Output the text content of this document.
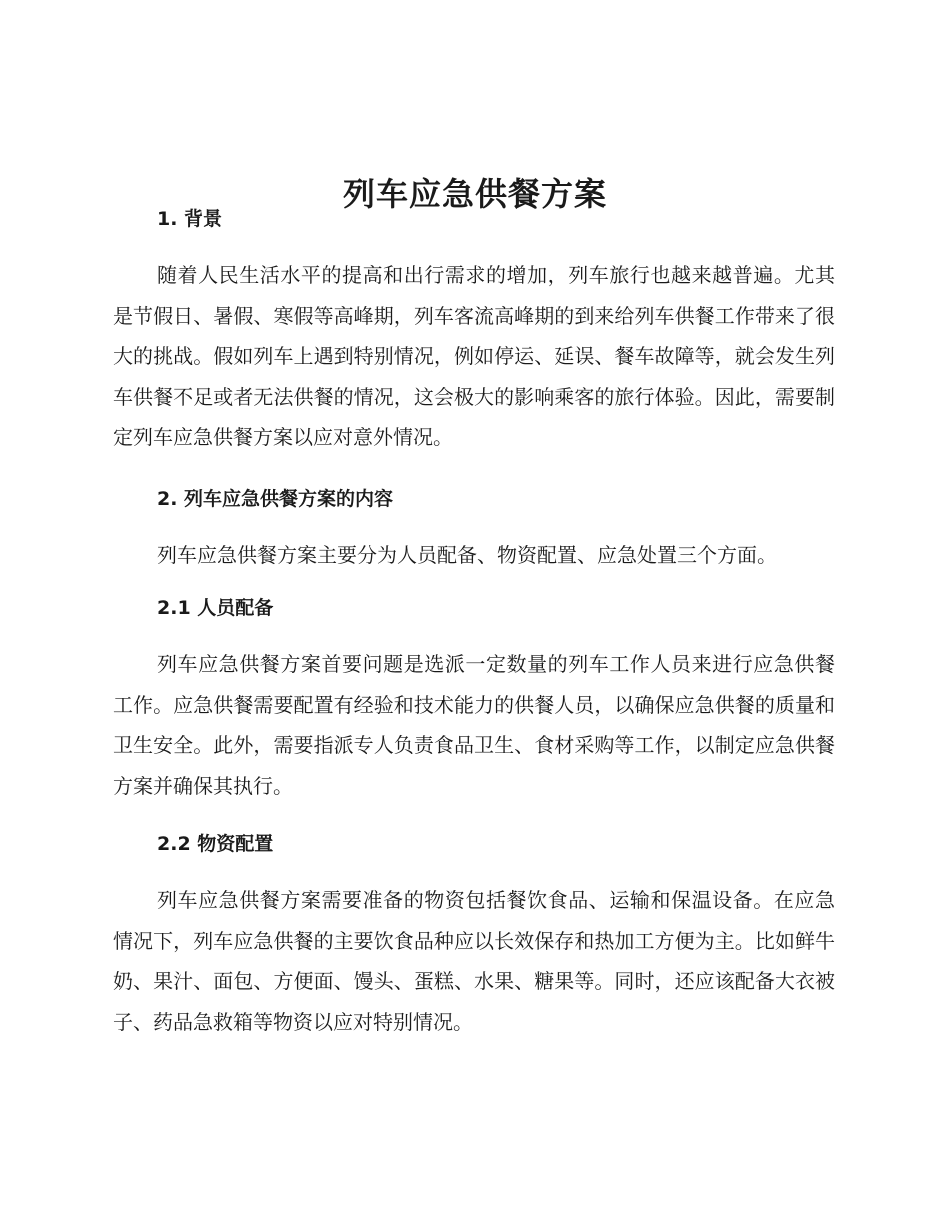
列车应急供餐方案
1. 背景

随着人民生活水平的提高和出行需求的增加，列车旅行也越来越普遍。尤其是节假日、暑假、寒假等高峰期，列车客流高峰期的到来给列车供餐工作带来了很大的挑战。假如列车上遇到特别情况，例如停运、延误、餐车故障等，就会发生列车供餐不足或者无法供餐的情况，这会极大的影响乘客的旅行体验。因此，需要制定列车应急供餐方案以应对意外情况。

2. 列车应急供餐方案的内容

列车应急供餐方案主要分为人员配备、物资配置、应急处置三个方面。

2.1 人员配备

列车应急供餐方案首要问题是选派一定数量的列车工作人员来进行应急供餐工作。应急供餐需要配置有经验和技术能力的供餐人员，以确保应急供餐的质量和卫生安全。此外，需要指派专人负责食品卫生、食材采购等工作，以制定应急供餐方案并确保其执行。

2.2 物资配置

列车应急供餐方案需要准备的物资包括餐饮食品、运输和保温设备。在应急情况下，列车应急供餐的主要饮食品种应以长效保存和热加工方便为主。比如鲜牛奶、果汁、面包、方便面、馒头、蛋糕、水果、糖果等。同时，还应该配备大衣被子、药品急救箱等物资以应对特别情况。
